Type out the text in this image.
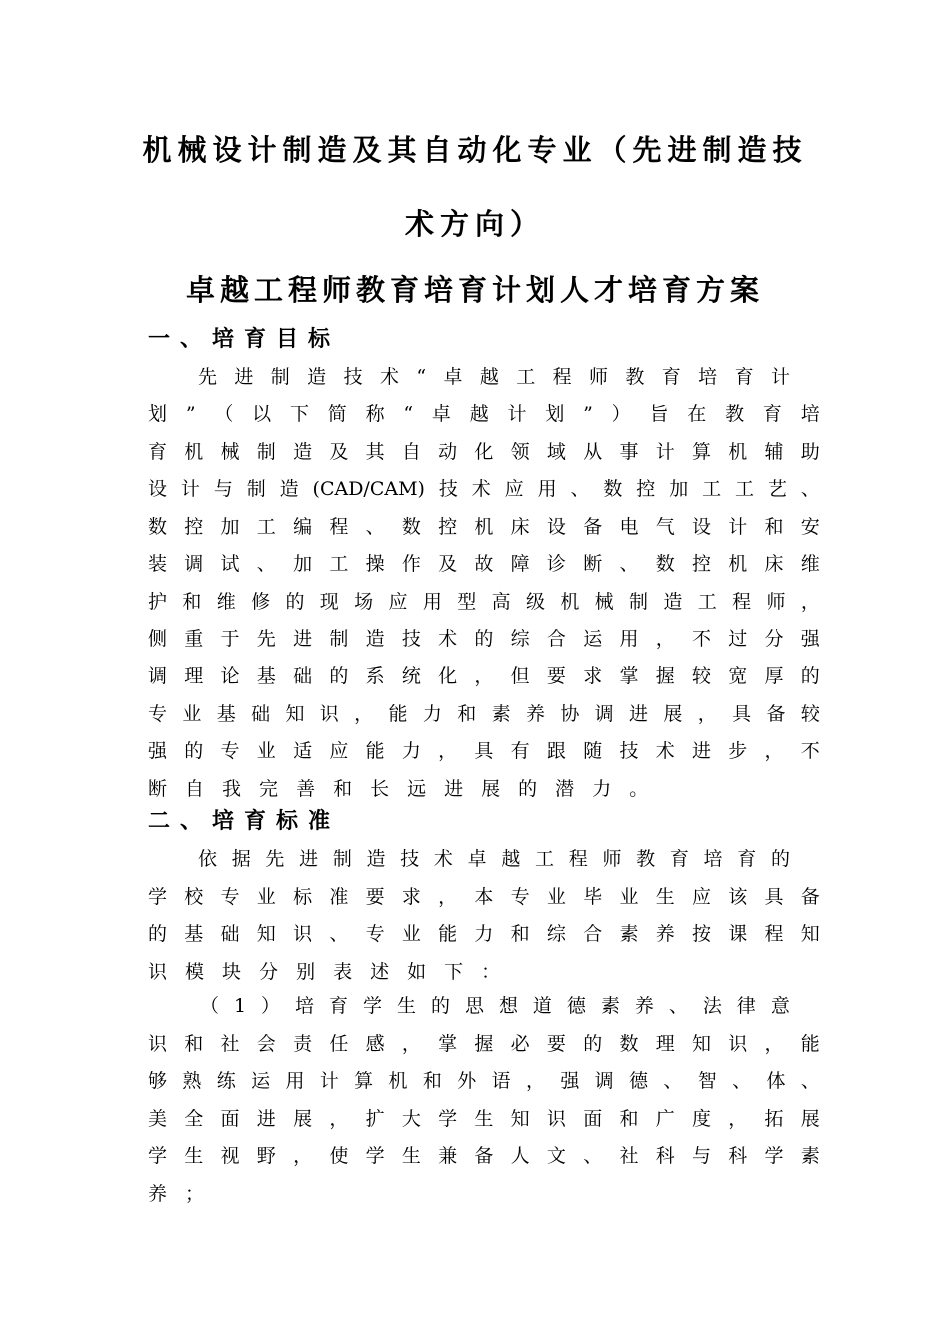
机械设计制造及其自动化专业（先进制造技
术方向）
卓越工程师教育培育计划人才培育方案
一、培育目标
先 进 制 造 技 术 “ 卓 越 工 程 师 教 育 培 育 计
划 ” （ 以 下 简 称 “ 卓 越 计 划 ” ） 旨 在 教 育 培
育 机 械 制 造 及 其 自 动 化 领 域 从 事 计 算 机 辅 助
设 计 与 制 造 (CAD/CAM) 技 术 应 用 、 数 控 加 工 工 艺 、
数 控 加 工 编 程 、 数 控 机 床 设 备 电 气 设 计 和 安
装 调 试 、 加 工 操 作 及 故 障 诊 断 、 数 控 机 床 维
护 和 维 修 的 现 场 应 用 型 高 级 机 械 制 造 工 程 师 ，
侧 重 于 先 进 制 造 技 术 的 综 合 运 用 ， 不 过 分 强
调 理 论 基 础 的 系 统 化 ， 但 要 求 掌 握 较 宽 厚 的
专 业 基 础 知 识 ， 能 力 和 素 养 协 调 进 展 ， 具 备 较
强 的 专 业 适 应 能 力 ， 具 有 跟 随 技 术 进 步 ， 不
断 自 我 完 善 和 长 远 进 展 的 潜 力 。
二、培育标准
依 据 先 进 制 造 技 术 卓 越 工 程 师 教 育 培 育 的
学 校 专 业 标 准 要 求 ， 本 专 业 毕 业 生 应 该 具 备
的 基 础 知 识 、 专 业 能 力 和 综 合 素 养 按 课 程 知
识 模 块 分 别 表 述 如 下 ：
（ 1 ） 培 育 学 生 的 思 想 道 德 素 养 、 法 律 意
识 和 社 会 责 任 感 ， 掌 握 必 要 的 数 理 知 识 ， 能
够 熟 练 运 用 计 算 机 和 外 语 ， 强 调 德 、 智 、 体 、
美 全 面 进 展 ， 扩 大 学 生 知 识 面 和 广 度 ， 拓 展
学 生 视 野 ， 使 学 生 兼 备 人 文 、 社 科 与 科 学 素
养 ；
